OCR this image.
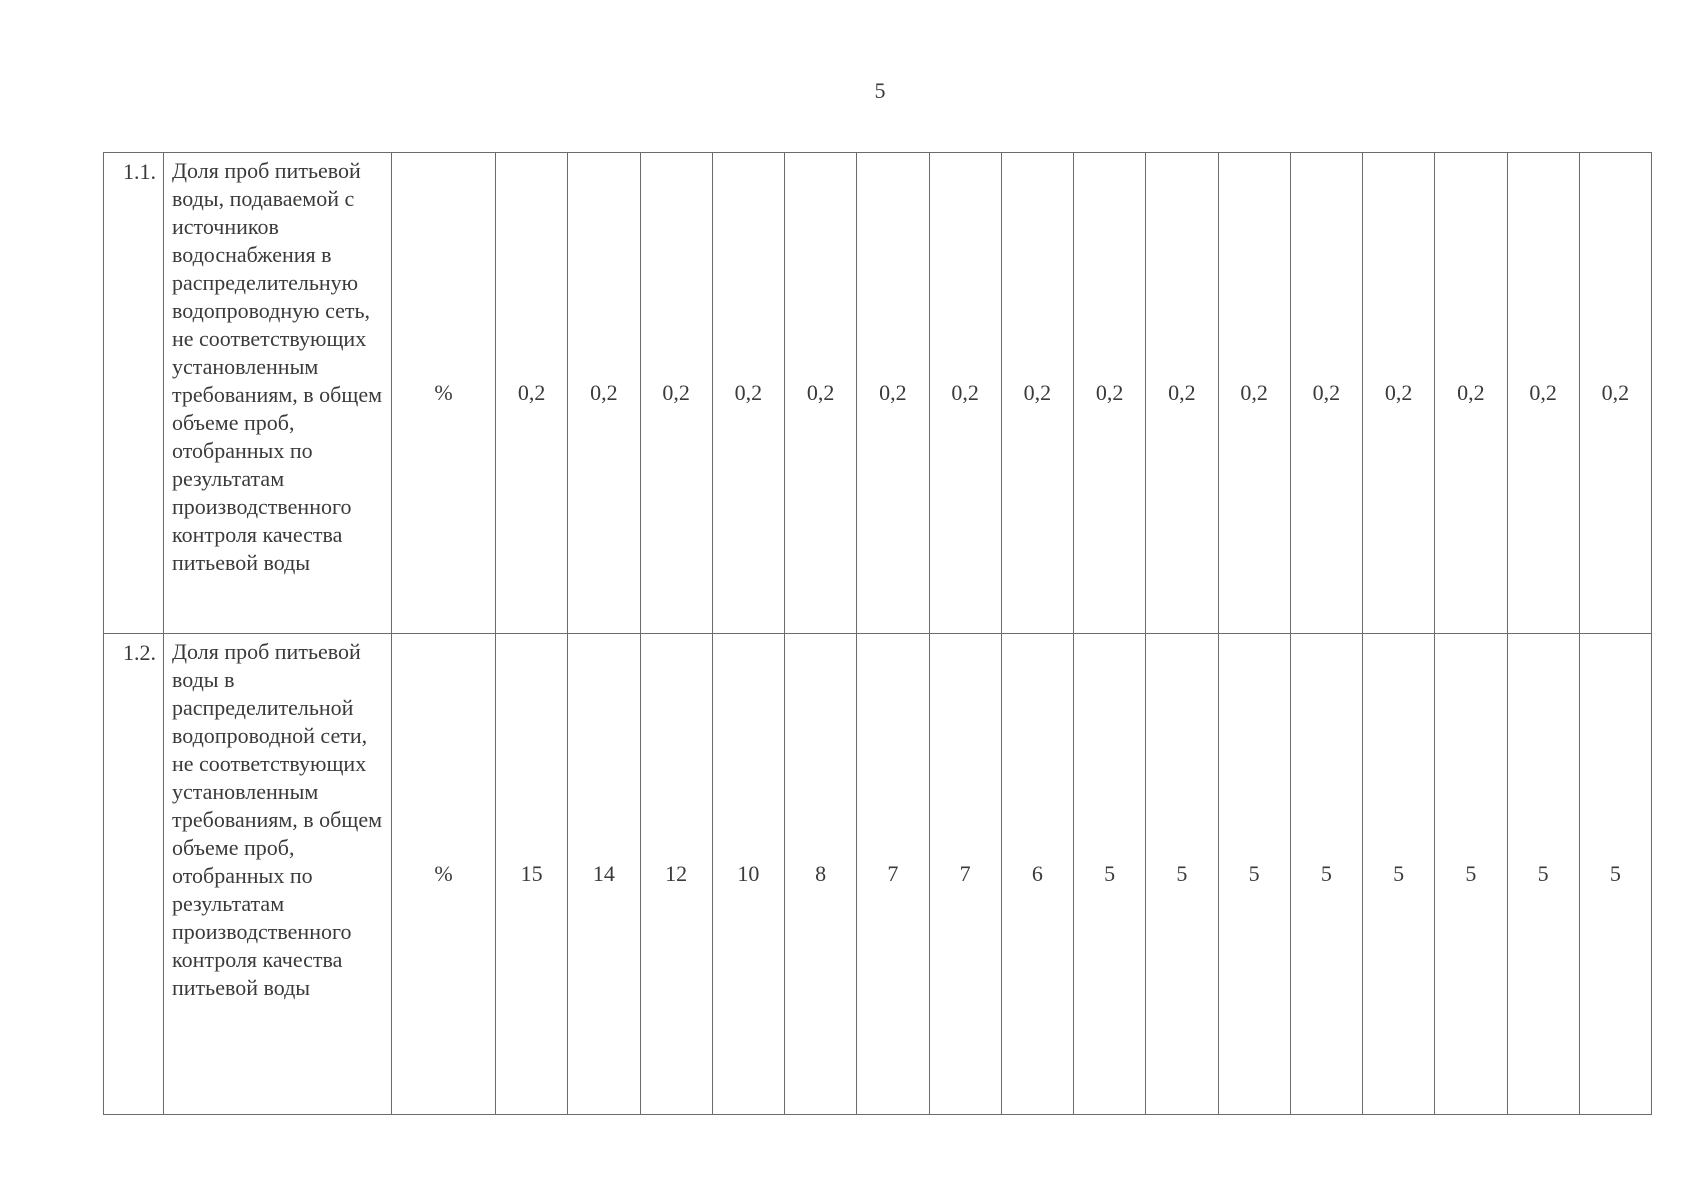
5
1.1.	Доля проб питьевой воды, подаваемой с источников водоснабжения в распределительную водопроводную сеть, не соответствующих установленным требованиям, в общем объеме проб, отобранных по результатам производственного контроля качества питьевой воды	%	0,2	0,2	0,2	0,2	0,2	0,2	0,2	0,2	0,2	0,2	0,2	0,2	0,2	0,2	0,2	0,2
1.2.	Доля проб питьевой воды в распределительной водопроводной сети, не соответствующих установленным требованиям, в общем объеме проб, отобранных по результатам производственного контроля качества питьевой воды	%	15	14	12	10	8	7	7	6	5	5	5	5	5	5	5	5
